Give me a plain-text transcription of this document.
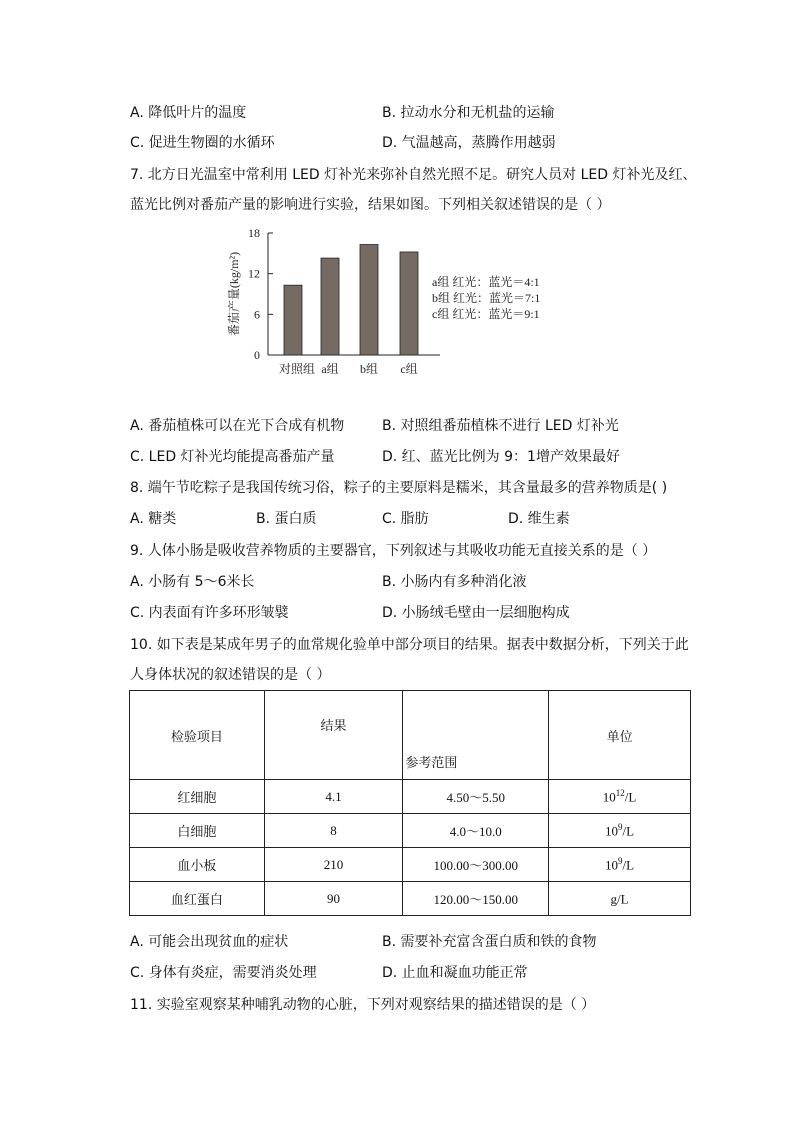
A. 降低叶片的温度	B. 拉动水分和无机盐的运输
C. 促进生物圈的水循环	D. 气温越高，蒸腾作用越弱
7. 北方日光温室中常利用 LED 灯补光来弥补自然光照不足。研究人员对 LED 灯补光及红、
蓝光比例对番茄产量的影响进行实验，结果如图。下列相关叙述错误的是（ ）
0
6
12
18
番茄产量(kg/m²)
对照组 a组 b组 c组
a组 红光：蓝光＝4:1
b组 红光：蓝光＝7:1
c组 红光：蓝光＝9:1
A. 番茄植株可以在光下合成有机物	B. 对照组番茄植株不进行 LED 灯补光
C. LED 灯补光均能提高番茄产量	D. 红、蓝光比例为 9：1增产效果最好
8. 端午节吃粽子是我国传统习俗，粽子的主要原料是糯米，其含量最多的营养物质是( )
A. 糖类	B. 蛋白质	C. 脂肪	D. 维生素
9. 人体小肠是吸收营养物质的主要器官，下列叙述与其吸收功能无直接关系的是（ ）
A. 小肠有 5～6米长	B. 小肠内有多种消化液
C. 内表面有许多环形皱襞	D. 小肠绒毛壁由一层细胞构成
10. 如下表是某成年男子的血常规化验单中部分项目的结果。据表中数据分析，下列关于此
人身体状况的叙述错误的是（ ）
检验项目	结果	参考范围	单位
红细胞	4.1	4.50～5.50	$10^{12}/L$
白细胞	8	4.0～10.0	$10^9/L$
血小板	210	100.00～300.00	$10^9/L$
血红蛋白	90	120.00～150.00	g/L
A. 可能会出现贫血的症状	B. 需要补充富含蛋白质和铁的食物
C. 身体有炎症，需要消炎处理	D. 止血和凝血功能正常
11. 实验室观察某种哺乳动物的心脏，下列对观察结果的描述错误的是（ ）
